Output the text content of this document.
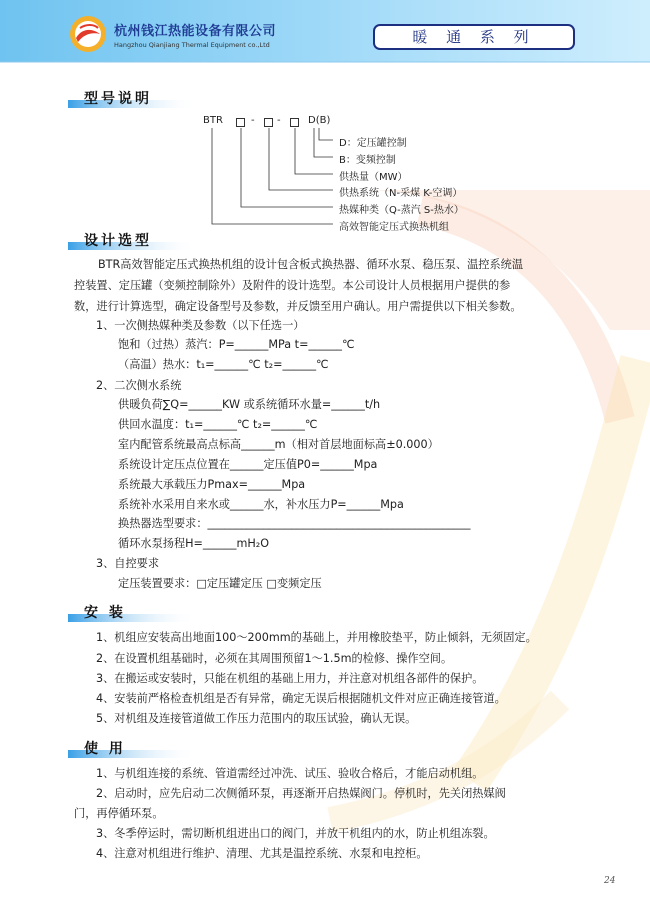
杭州钱江热能设备有限公司
Hangzhou Qianjiang Thermal Equipment co.,Ltd	暖 通 系 列
型号说明
BTR	- -	D(B)
D：定压罐控制
B：变频控制
供热量（MW）
供热系统（N-采煤 K-空调）
热媒种类（Q-蒸汽 S-热水）
高效智能定压式换热机组
设计选型
BTR高效智能定压式换热机组的设计包含板式换热器、循环水泵、稳压泵、温控系统温
控装置、定压罐（变频控制除外）及附件的设计选型。本公司设计人员根据用户提供的参
数，进行计算选型，确定设备型号及参数，并反馈至用户确认。用户需提供以下相关参数。
1、一次侧热媒种类及参数（以下任选一）
饱和（过热）蒸汽：P=______MPa t=______℃
（高温）热水：t₁=______℃ t₂=______℃
2、二次侧水系统
供暖负荷∑Q=______KW 或系统循环水量=______t/h
供回水温度：t₁=______℃ t₂=______℃
室内配管系统最高点标高______m（相对首层地面标高±0.000）
系统设计定压点位置在______定压值P0=______Mpa
系统最大承载压力Pmax=______Mpa
系统补水采用自来水或______水，补水压力P=______Mpa
换热器选型要求：_______________________________________________
循环水泵扬程H=______mH₂O
3、自控要求
定压装置要求：□定压罐定压 □变频定压
安 装
1、机组应安装高出地面100～200mm的基础上，并用橡胶垫平，防止倾斜，无须固定。
2、在设置机组基础时，必须在其周围预留1～1.5m的检修、操作空间。
3、在搬运或安装时，只能在机组的基础上用力，并注意对机组各部件的保护。
4、安装前严格检查机组是否有异常，确定无误后根据随机文件对应正确连接管道。
5、对机组及连接管道做工作压力范围内的取压试验，确认无误。
使 用
1、与机组连接的系统、管道需经过冲洗、试压、验收合格后，才能启动机组。
2、启动时，应先启动二次侧循环泵，再逐渐开启热媒阀门。停机时，先关闭热媒阀
门，再停循环泵。
3、冬季停运时，需切断机组进出口的阀门，并放干机组内的水，防止机组冻裂。
4、注意对机组进行维护、清理、尤其是温控系统、水泵和电控柜。
24
